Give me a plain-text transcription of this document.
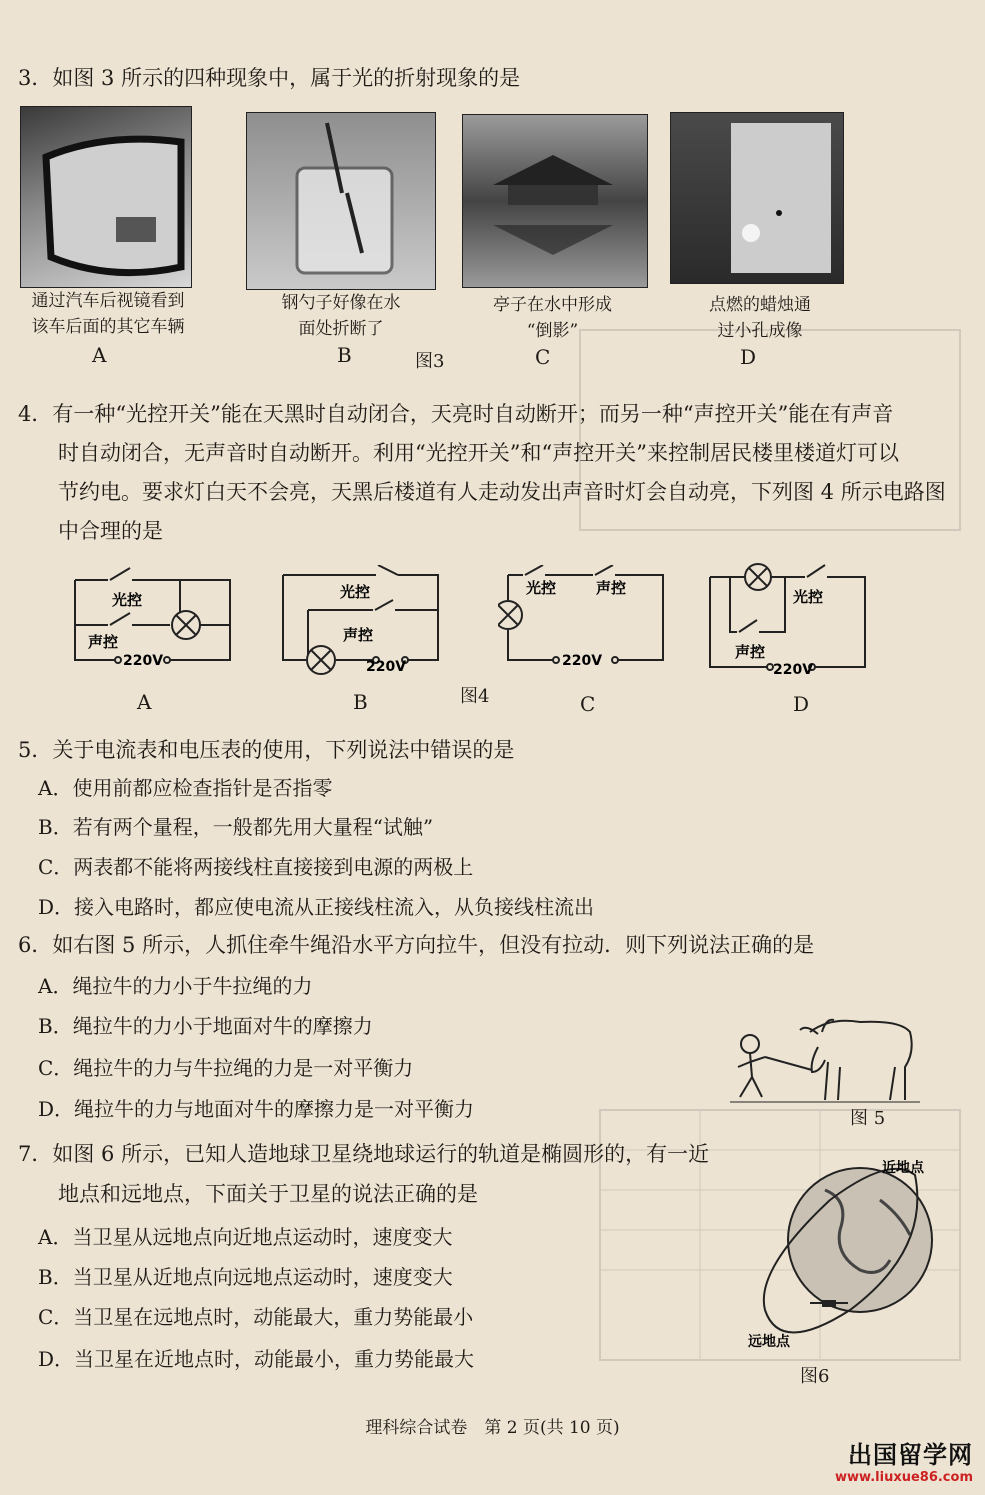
3．如图 3 所示的四种现象中，属于光的折射现象的是
通过汽车后视镜看到
该车后面的其它车辆
钢勺子好像在水
面处折断了
亭子在水中形成
“倒影”
点燃的蜡烛通
过小孔成像
A	B	图3	C	D
4．有一种“光控开关”能在天黑时自动闭合，天亮时自动断开；而另一种“声控开关”能在有声音
时自动闭合，无声音时自动断开。利用“光控开关”和“声控开关”来控制居民楼里楼道灯可以
节约电。要求灯白天不会亮，天黑后楼道有人走动发出声音时灯会自动亮，下列图 4 所示电路图
中合理的是
光控
声控
220V
光控
声控
220V
光控	声控
220V
光控
声控
220V
A	B	图4	C	D
5．关于电流表和电压表的使用，下列说法中错误的是
A．使用前都应检查指针是否指零
B．若有两个量程，一般都先用大量程“试触”
C．两表都不能将两接线柱直接接到电源的两极上
D．接入电路时，都应使电流从正接线柱流入，从负接线柱流出
6．如右图 5 所示，人抓住牵牛绳沿水平方向拉牛，但没有拉动．则下列说法正确的是
A．绳拉牛的力小于牛拉绳的力
B．绳拉牛的力小于地面对牛的摩擦力
C．绳拉牛的力与牛拉绳的力是一对平衡力
D．绳拉牛的力与地面对牛的摩擦力是一对平衡力	图 5
7．如图 6 所示，已知人造地球卫星绕地球运行的轨道是椭圆形的，有一近
地点和远地点，下面关于卫星的说法正确的是
A．当卫星从远地点向近地点运动时，速度变大
B．当卫星从近地点向远地点运动时，速度变大
C．当卫星在远地点时，动能最大，重力势能最小
D．当卫星在近地点时，动能最小，重力势能最大
近地点
远地点
图6
理科综合试卷　第 2 页(共 10 页)
出国留学网
www.liuxue86.com
